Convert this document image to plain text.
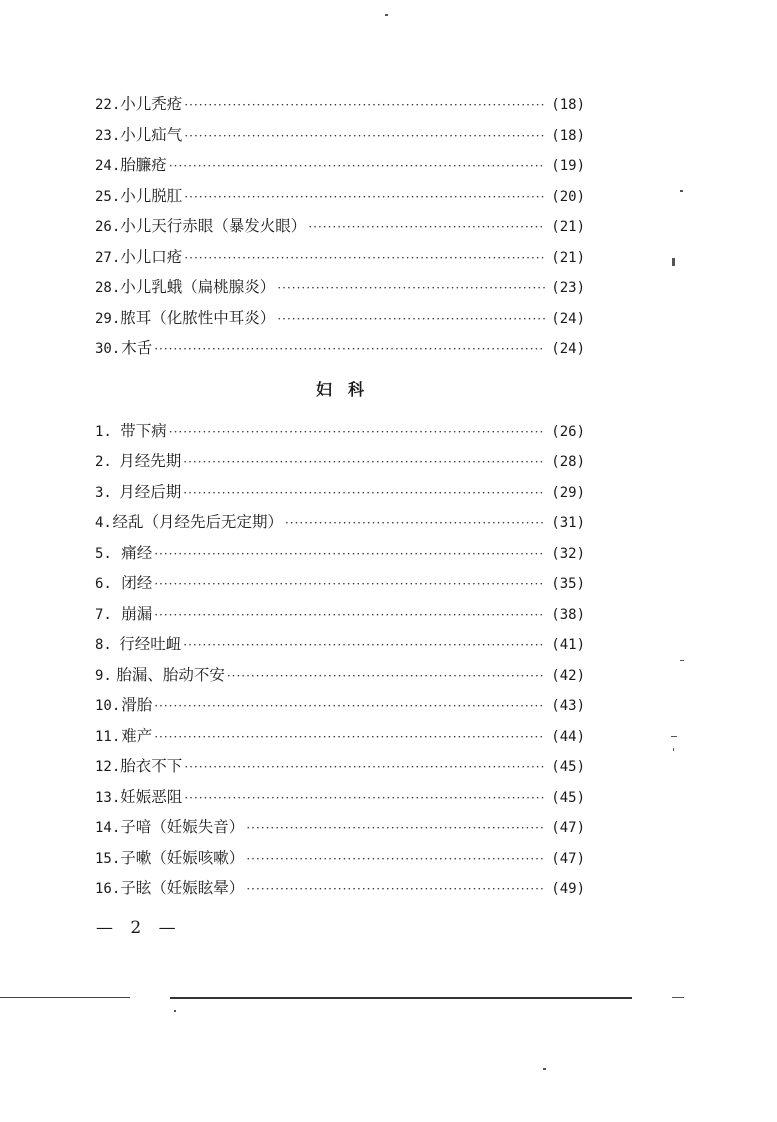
22. 小儿秃疮 ·····	(18)
23. 小儿疝气 ·····	(18)
24. 胎臁疮 ·····	(19)
25. 小儿脱肛 ·····	(20)
26. 小儿天行赤眼（暴发火眼） ·····	(21)
27. 小儿口疮 ·····	(21)
28. 小儿乳蛾（扁桃腺炎） ·····	(23)
29. 脓耳（化脓性中耳炎） ·····	(24)
30. 木舌 ·····	(24)
妇科
1. 带下病 ·····	(26)
2. 月经先期 ·····	(28)
3. 月经后期 ·····	(29)
4. 经乱（月经先后无定期） ·····	(31)
5. 痛经 ·····	(32)
6. 闭经 ·····	(35)
7. 崩漏 ·····	(38)
8. 行经吐衄 ·····	(41)
9. 胎漏、胎动不安 ·····	(42)
10. 滑胎 ·····	(43)
11. 难产 ·····	(44)
12. 胎衣不下 ·····	(45)
13. 妊娠恶阻 ·····	(45)
14. 子喑（妊娠失音） ·····	(47)
15. 子嗽（妊娠咳嗽） ·····	(47)
16. 子眩（妊娠眩晕） ·····	(49)
— 2 —
